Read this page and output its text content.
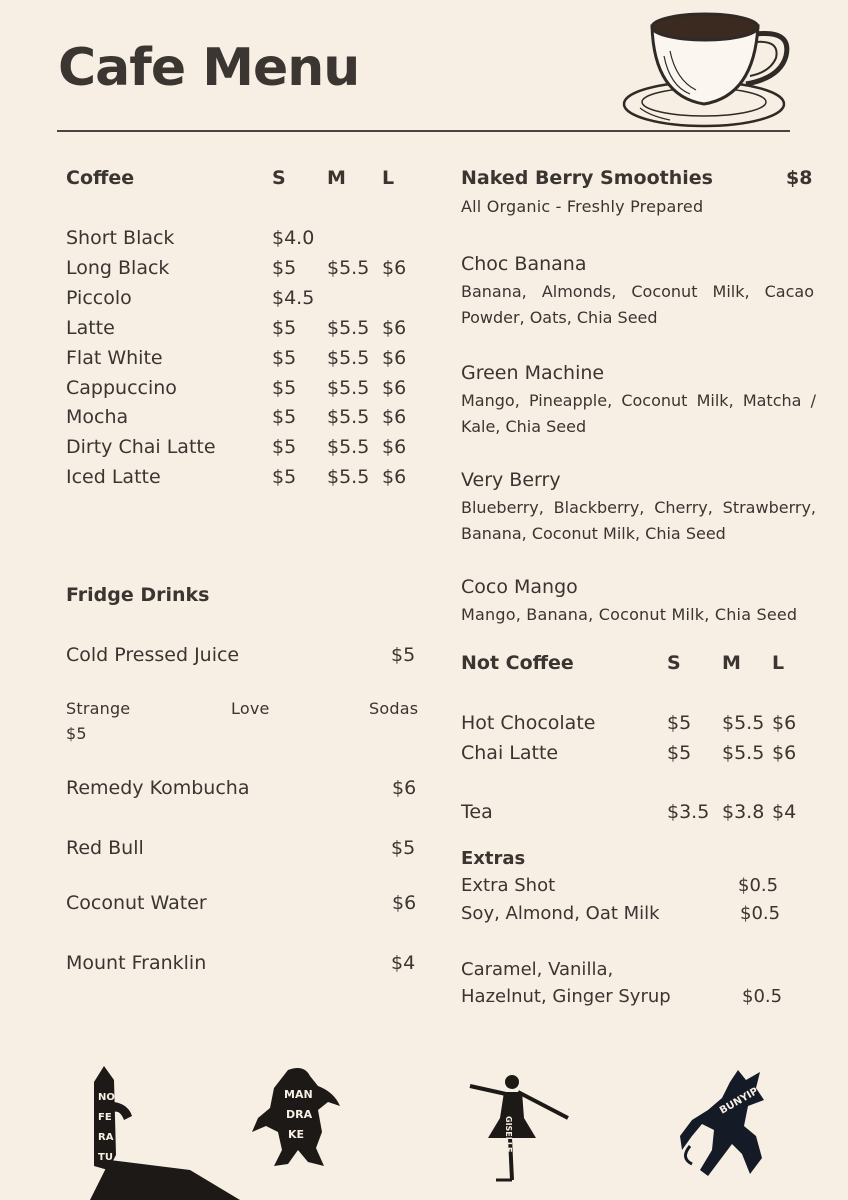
Cafe Menu
Coffee	S M L
Short Black	$4.0
Long Black	$5 $5.5 $6
Piccolo	$4.5
Latte	$5 $5.5 $6
Flat White	$5 $5.5 $6
Cappuccino	$5 $5.5 $6
Mocha	$5 $5.5 $6
Dirty Chai Latte	$5 $5.5 $6
Iced Latte	$5 $5.5 $6
Fridge Drinks
Cold Pressed Juice	$5
Strange	Love	Sodas
$5
Remedy Kombucha	$6
Red Bull	$5
Coconut Water	$6
Mount Franklin	$4
Naked Berry Smoothies	$8
All Organic - Freshly Prepared
Choc Banana
Banana, Almonds, Coconut Milk, Cacao Powder, Oats, Chia Seed
Green Machine
Mango, Pineapple, Coconut Milk, Matcha / Kale, Chia Seed
Very Berry
Blueberry, Blackberry, Cherry, Strawberry, Banana, Coconut Milk, Chia Seed
Coco Mango
Mango, Banana, Coconut Milk, Chia Seed
Not Coffee	S M L
Hot Chocolate	$5 $5.5 $6
Chai Latte	$5 $5.5 $6
Tea	$3.5 $3.8 $4
Extras
Extra Shot	$0.5
Soy, Almond, Oat Milk	$0.5
Caramel, Vanilla,
Hazelnut, Ginger Syrup	$0.5
NOS
FE
RA
TU
DISTILLERY
MAN
DRA
KE	GISELLE
BUNYIP
